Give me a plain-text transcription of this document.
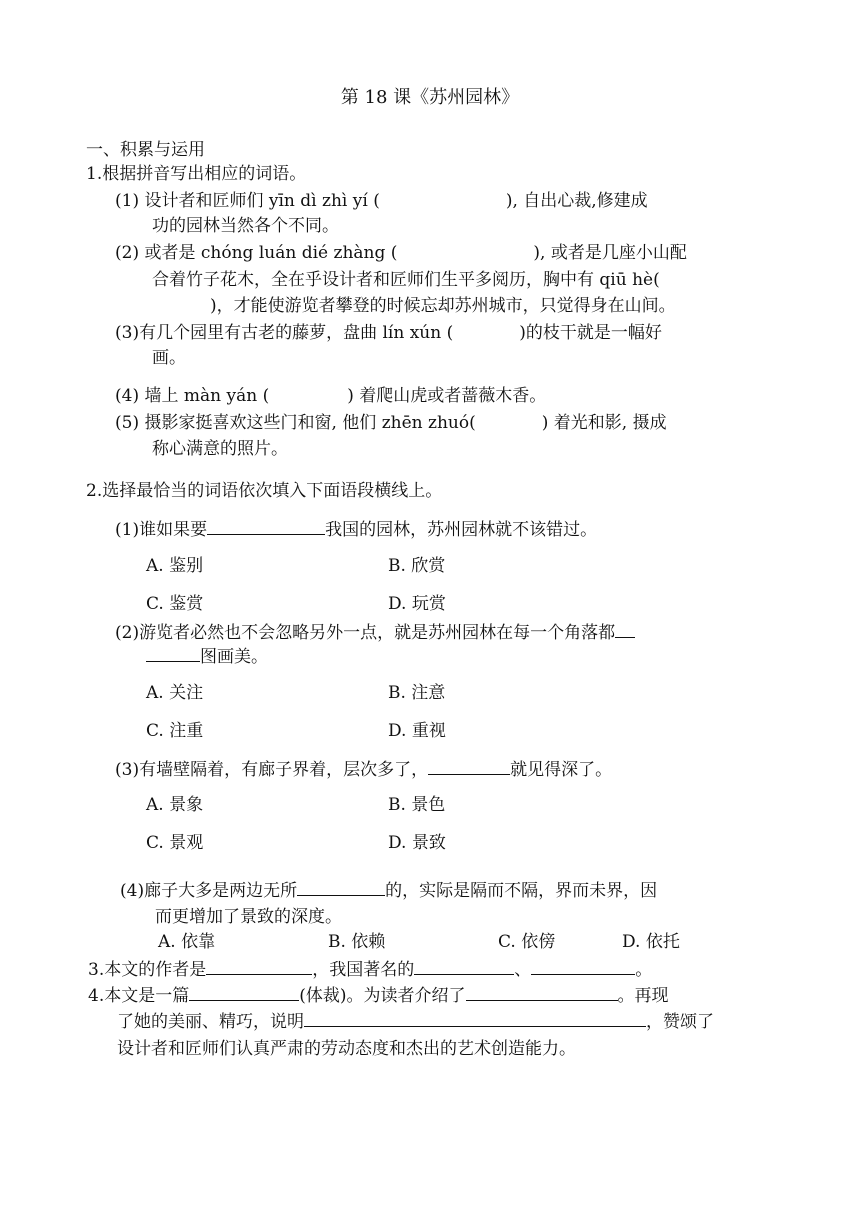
第 18 课《苏州园林》
一、积累与运用
1.根据拼音写出相应的词语。
(1) 设计者和匠师们 yīn dì zhì yí (	), 自出心裁,修建成
功的园林当然各个不同。
(2) 或者是 chóng luán dié zhàng (	), 或者是几座小山配
合着竹子花木，全在乎设计者和匠师们生平多阅历，胸中有 qiū hè(
)，才能使游览者攀登的时候忘却苏州城市，只觉得身在山间。
(3)有几个园里有古老的藤萝，盘曲 lín xún (	)的枝干就是一幅好
画。
(4) 墙上 màn yán (	) 着爬山虎或者蔷薇木香。
(5) 摄影家挺喜欢这些门和窗, 他们 zhēn zhuó(	) 着光和影, 摄成
称心满意的照片。
2.选择最恰当的词语依次填入下面语段横线上。
(1)谁如果要	我国的园林，苏州园林就不该错过。
A. 鉴别	B. 欣赏
C. 鉴赏	D. 玩赏
(2)游览者必然也不会忽略另外一点，就是苏州园林在每一个角落都
图画美。
A. 关注	B. 注意
C. 注重	D. 重视
(3)有墙壁隔着，有廊子界着，层次多了，	就见得深了。
A. 景象	B. 景色
C. 景观	D. 景致
(4)廊子大多是两边无所	的，实际是隔而不隔，界而未界，因
而更增加了景致的深度。
A. 依靠	B. 依赖	C. 依傍	D. 依托
3.本文的作者是	，我国著名的	、	。
4.本文是一篇	(体裁)。为读者介绍了	。再现
了她的美丽、精巧，说明	，赞颂了
设计者和匠师们认真严肃的劳动态度和杰出的艺术创造能力。
